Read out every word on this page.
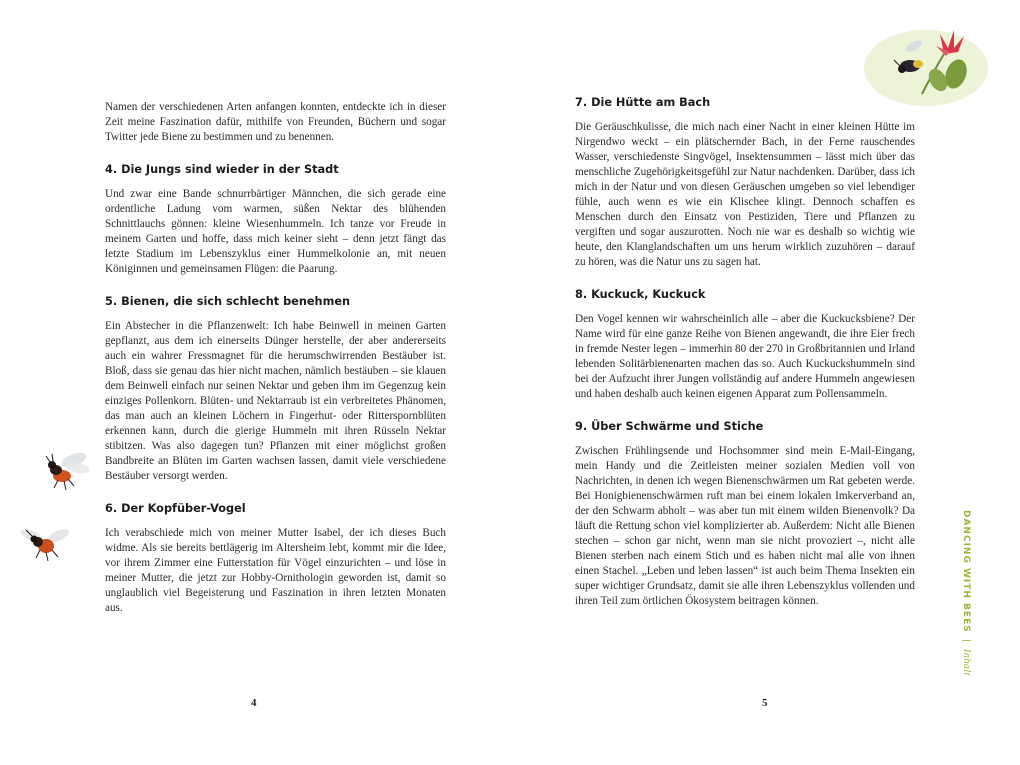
Namen der verschiedenen Arten anfangen konnten, entdeckte ich in dieser Zeit meine Faszination dafür, mithilfe von Freunden, Büchern und sogar Twitter jede Biene zu bestimmen und zu benennen.

4. Die Jungs sind wieder in der Stadt

Und zwar eine Bande schnurrbärtiger Männchen, die sich gerade eine ordentliche Ladung vom warmen, süßen Nektar des blühenden Schnittlauchs gönnen: kleine Wiesenhummeln. Ich tanze vor Freude in meinem Garten und hoffe, dass mich keiner sieht – denn jetzt fängt das letzte Stadium im Lebenszyklus einer Hummelkolonie an, mit neuen Königinnen und gemeinsamen Flügen: die Paarung.

5. Bienen, die sich schlecht benehmen

Ein Abstecher in die Pflanzenwelt: Ich habe Beinwell in meinen Garten gepflanzt, aus dem ich einerseits Dünger herstelle, der aber andererseits auch ein wahrer Fressmagnet für die herumschwirrenden Bestäuber ist. Bloß, dass sie genau das hier nicht machen, nämlich bestäuben – sie klauen dem Beinwell einfach nur seinen Nektar und geben ihm im Gegenzug kein einziges Pollenkorn. Blüten- und Nektarraub ist ein verbreitetes Phänomen, das man auch an kleinen Löchern in Fingerhut- oder Ritterspornblüten erkennen kann, durch die gierige Hummeln mit ihren Rüsseln Nektar stibitzen. Was also dagegen tun? Pflanzen mit einer möglichst großen Bandbreite an Blüten im Garten wachsen lassen, damit viele verschiedene Bestäuber versorgt werden.

6. Der Kopfüber-Vogel

Ich verabschiede mich von meiner Mutter Isabel, der ich dieses Buch widme. Als sie bereits bettlägerig im Altersheim lebt, kommt mir die Idee, vor ihrem Zimmer eine Futterstation für Vögel einzurichten – und löse in meiner Mutter, die jetzt zur Hobby-Ornithologin geworden ist, damit so unglaublich viel Begeisterung und Faszination in ihren letzten Monaten aus.

4
7. Die Hütte am Bach

Die Geräuschkulisse, die mich nach einer Nacht in einer kleinen Hütte im Nirgendwo weckt – ein plätschernder Bach, in der Ferne rauschendes Wasser, verschiedenste Singvögel, Insektensummen – lässt mich über das menschliche Zugehörigkeitsgefühl zur Natur nachdenken. Darüber, dass ich mich in der Natur und von diesen Geräuschen umgeben so viel lebendiger fühle, auch wenn es wie ein Klischee klingt. Dennoch schaffen es Menschen durch den Einsatz von Pestiziden, Tiere und Pflanzen zu vergiften und sogar auszurotten. Noch nie war es deshalb so wichtig wie heute, den Klanglandschaften um uns herum wirklich zuzuhören – darauf zu hören, was die Natur uns zu sagen hat.

8. Kuckuck, Kuckuck

Den Vogel kennen wir wahrscheinlich alle – aber die Kuckucksbiene? Der Name wird für eine ganze Reihe von Bienen angewandt, die ihre Eier frech in fremde Nester legen – immerhin 80 der 270 in Großbritannien und Irland lebenden Solitärbienenarten machen das so. Auch Kuckuckshummeln sind bei der Aufzucht ihrer Jungen vollständig auf andere Hummeln angewiesen und haben deshalb auch keinen eigenen Apparat zum Pollensammeln.

9. Über Schwärme und Stiche

Zwischen Frühlingsende und Hochsommer sind mein E-Mail-Eingang, mein Handy und die Zeitleisten meiner sozialen Medien voll von Nachrichten, in denen ich wegen Bienenschwärmen um Rat gebeten werde. Bei Honigbienenschwärmen ruft man bei einem lokalen Imkerverband an, der den Schwarm abholt – was aber tun mit einem wilden Bienenvolk? Da läuft die Rettung schon viel komplizierter ab. Außerdem: Nicht alle Bienen stechen – schon gar nicht, wenn man sie nicht provoziert –, nicht alle Bienen sterben nach einem Stich und es haben nicht mal alle von ihnen einen Stachel. „Leben und leben lassen“ ist auch beim Thema Insekten ein super wichtiger Grundsatz, damit sie alle ihren Lebenszyklus vollenden und ihren Teil zum örtlichen Ökosystem beitragen können.	DANCING WITH BEES | Inhalt
5
